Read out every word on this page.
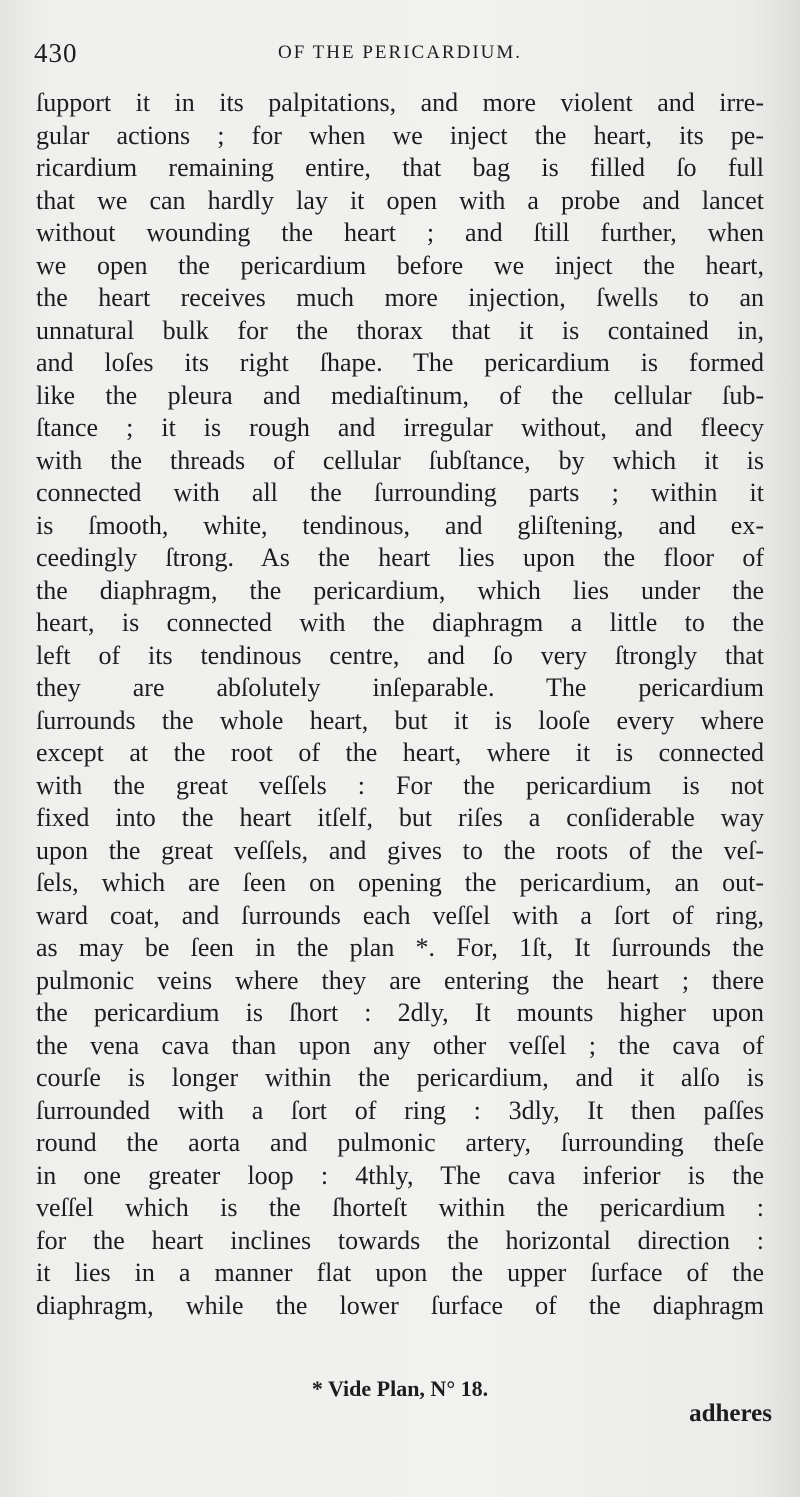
430	OF THE PERICARDIUM.
ſupport it in its palpitations, and more violent and irre-
gular actions ; for when we inject the heart, its pe-
ricardium remaining entire, that bag is filled ſo full
that we can hardly lay it open with a probe and lancet
without wounding the heart ; and ſtill further, when
we open the pericardium before we inject the heart,
the heart receives much more injection, ſwells to an
unnatural bulk for the thorax that it is contained in,
and loſes its right ſhape. The pericardium is formed
like the pleura and mediaſtinum, of the cellular ſub-
ſtance ; it is rough and irregular without, and fleecy
with the threads of cellular ſubſtance, by which it is
connected with all the ſurrounding parts ; within it
is ſmooth, white, tendinous, and gliſtening, and ex-
ceedingly ſtrong. As the heart lies upon the floor of
the diaphragm, the pericardium, which lies under the
heart, is connected with the diaphragm a little to the
left of its tendinous centre, and ſo very ſtrongly that
they are abſolutely inſeparable. The pericardium
ſurrounds the whole heart, but it is looſe every where
except at the root of the heart, where it is connected
with the great veſſels : For the pericardium is not
fixed into the heart itſelf, but riſes a conſiderable way
upon the great veſſels, and gives to the roots of the veſ-
ſels, which are ſeen on opening the pericardium, an out-
ward coat, and ſurrounds each veſſel with a ſort of ring,
as may be ſeen in the plan *. For, 1ſt, It ſurrounds the
pulmonic veins where they are entering the heart ; there
the pericardium is ſhort : 2dly, It mounts higher upon
the vena cava than upon any other veſſel ; the cava of
courſe is longer within the pericardium, and it alſo is
ſurrounded with a ſort of ring : 3dly, It then paſſes
round the aorta and pulmonic artery, ſurrounding theſe
in one greater loop : 4thly, The cava inferior is the
veſſel which is the ſhorteſt within the pericardium :
for the heart inclines towards the horizontal direction :
it lies in a manner flat upon the upper ſurface of the
diaphragm, while the lower ſurface of the diaphragm
* Vide Plan, N° 18.
adheres
